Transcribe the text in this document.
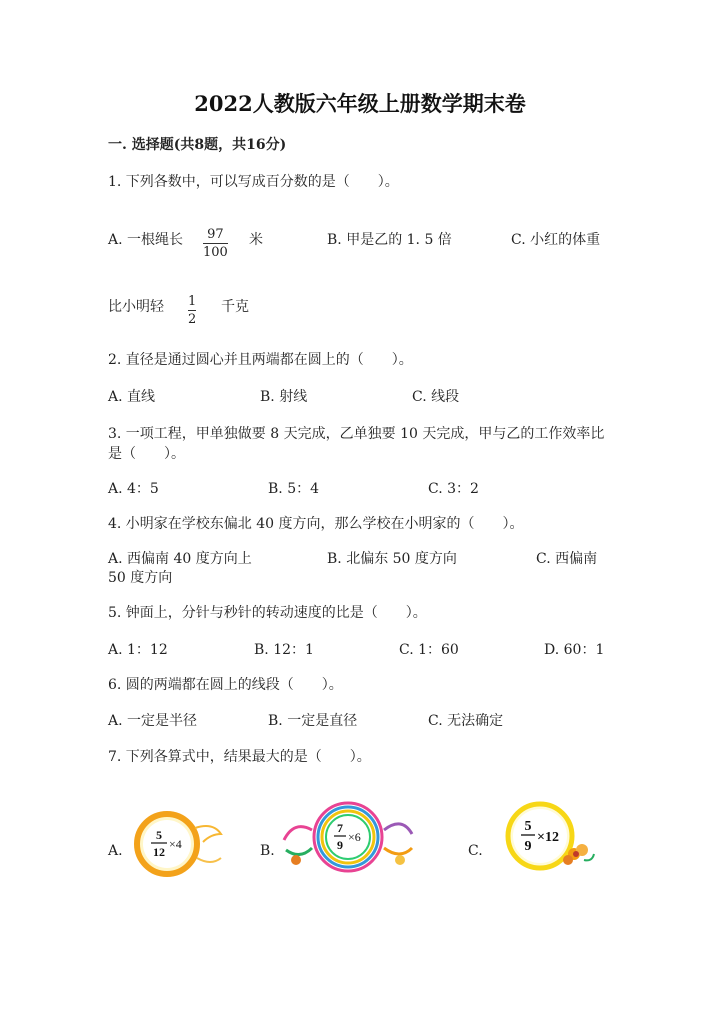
2022人教版六年级上册数学期末卷
一. 选择题(共8题，共16分)
1. 下列各数中，可以写成百分数的是（　　）。
A. 一根绳长 97
100
米	B. 甲是乙的 1. 5 倍	C. 小红的体重
比小明轻 1
2
千克
2. 直径是通过圆心并且两端都在圆上的（　　）。
A. 直线	B. 射线	C. 线段
3. 一项工程，甲单独做要 8 天完成，乙单独要 10 天完成，甲与乙的工作效率比
是（　　）。
A. 4：5	B. 5：4	C. 3：2
4. 小明家在学校东偏北 40 度方向，那么学校在小明家的（　　）。
A. 西偏南 40 度方向上	B. 北偏东 50 度方向	C. 西偏南
50 度方向
5. 钟面上，分针与秒针的转动速度的比是（　　）。
A. 1：12	B. 12：1	C. 1：60	D. 60：1
6. 圆的两端都在圆上的线段（　　）。
A. 一定是半径	B. 一定是直径	C. 无法确定
7. 下列各算式中，结果最大的是（　　）。
A.
5
12
×4	B.
7
9
×6
C.
5
9
×12
